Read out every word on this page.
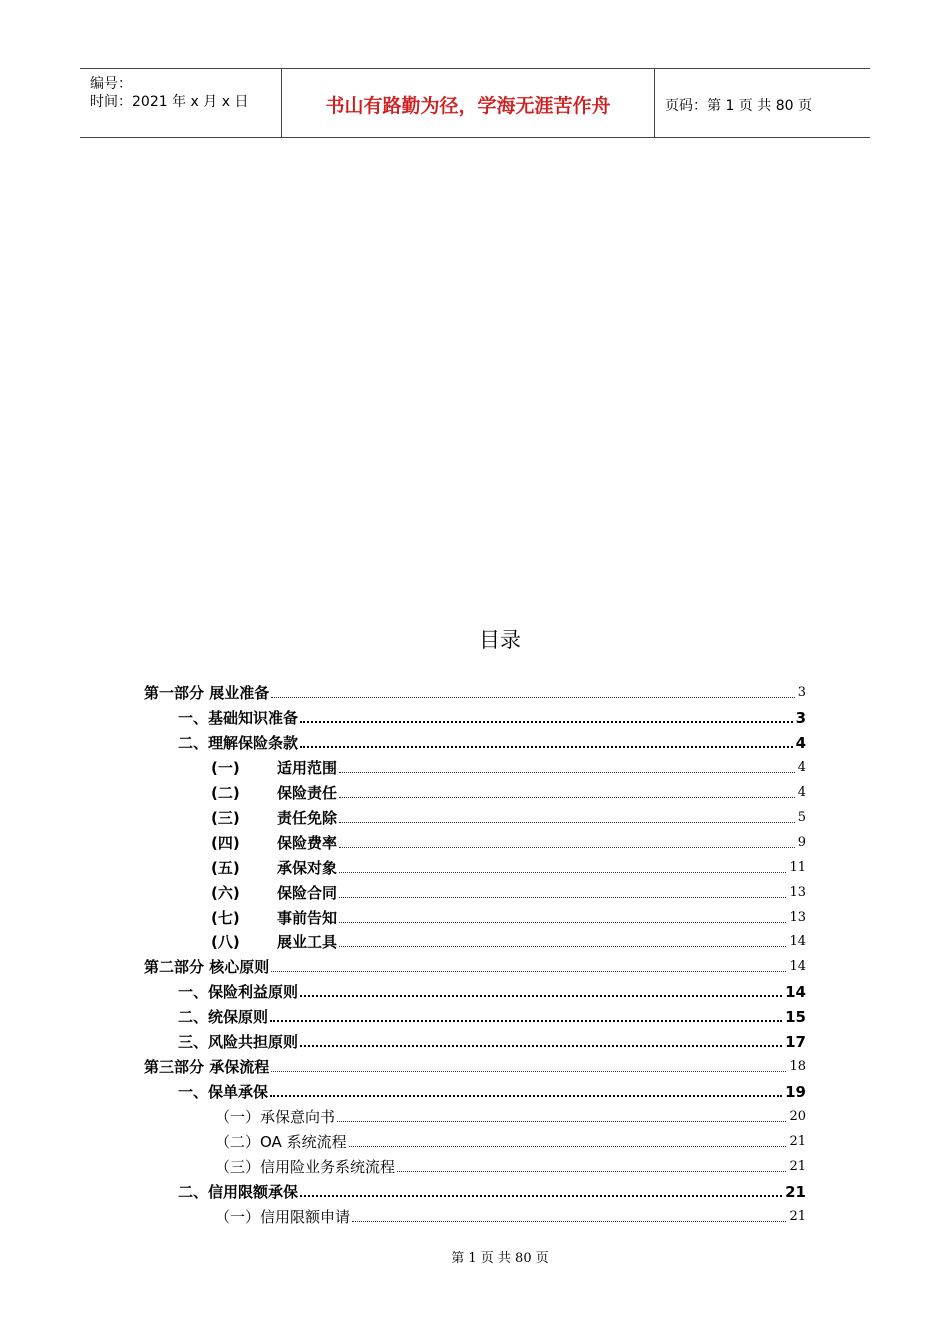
编号：
时间：2021 年 x 月 x 日	书山有路勤为径，学海无涯苦作舟	页码：第 1 页 共 80 页
目录
第一部分 展业准备	3
一、基础知识准备	3
二、理解保险条款	4
(一) 适用范围	4
(二) 保险责任	4
(三) 责任免除	5
(四) 保险费率	9
(五) 承保对象	11
(六) 保险合同	13
(七) 事前告知	13
(八) 展业工具	14
第二部分 核心原则	14
一、保险利益原则	14
二、统保原则	15
三、风险共担原则	17
第三部分 承保流程	18
一、保单承保	19
（一）承保意向书	20
（二）OA 系统流程	21
（三）信用险业务系统流程	21
二、信用限额承保	21
（一）信用限额申请	21
第 1 页 共 80 页
